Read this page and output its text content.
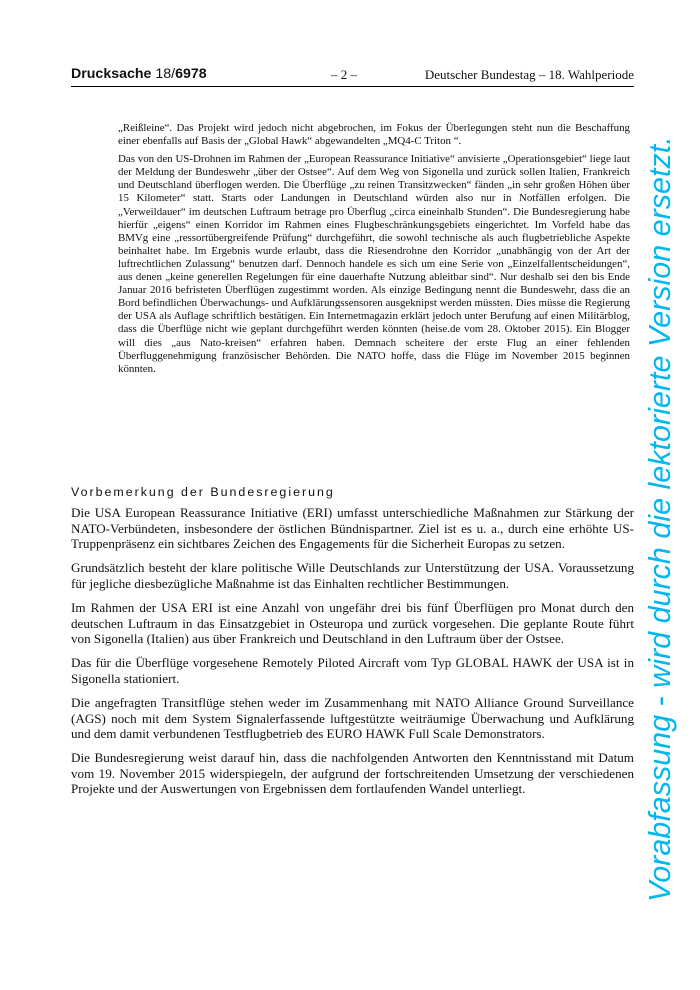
Drucksache 18/6978	– 2 –	Deutscher Bundestag – 18. Wahlperiode

„Reißleine“. Das Projekt wird jedoch nicht abgebrochen, im Fokus der Überlegungen steht nun die Beschaffung einer ebenfalls auf Basis der „Global Hawk“ abgewandelten „MQ4-C Triton “.

Das von den US-Drohnen im Rahmen der „European Reassurance Initiative“ anvisierte „Operationsgebiet“ liege laut der Meldung der Bundeswehr „über der Ostsee“. Auf dem Weg von Sigonella und zurück sollen Italien, Frankreich und Deutschland überflogen werden. Die Überflüge „zu reinen Transitzwecken“ fänden „in sehr großen Höhen über 15 Kilometer“ statt. Starts oder Landungen in Deutschland würden also nur in Notfällen erfolgen. Die „Verweildauer“ im deutschen Luftraum betrage pro Überflug „circa eineinhalb Stunden“. Die Bundesregierung habe hierfür „eigens“ einen Korridor im Rahmen eines Flugbeschränkungsgebiets eingerichtet. Im Vorfeld habe das BMVg eine „ressortübergreifende Prüfung“ durchgeführt, die sowohl technische als auch flugbetriebliche Aspekte beinhaltet habe. Im Ergebnis wurde erlaubt, dass die Riesendrohne den Korridor „unabhängig von der Art der luftrechtlichen Zulassung“ benutzen darf. Dennoch handele es sich um eine Serie von „Einzelfallentscheidungen“, aus denen „keine generellen Regelungen für eine dauerhafte Nutzung ableitbar sind“. Nur deshalb sei den bis Ende Januar 2016 befristeten Überflügen zugestimmt worden. Als einzige Bedingung nennt die Bundeswehr, dass die an Bord befindlichen Überwachungs- und Aufklärungssensoren ausgeknipst werden müssten. Dies müsse die Regierung der USA als Auflage schriftlich bestätigen. Ein Internetmagazin erklärt jedoch unter Berufung auf einen Militärblog, dass die Überflüge nicht wie geplant durchgeführt werden könnten (heise.de vom 28. Oktober 2015). Ein Blogger will dies „aus Nato-kreisen“ erfahren haben. Demnach scheitere der erste Flug an einer fehlenden Überfluggenehmigung französischer Behörden. Die NATO hoffe, dass die Flüge im November 2015 beginnen könnten.

Vorbemerkung der Bundesregierung

Die USA European Reassurance Initiative (ERI) umfasst unterschiedliche Maßnahmen zur Stärkung der NATO-Verbündeten, insbesondere der östlichen Bündnispartner. Ziel ist es u. a., durch eine erhöhte US-Truppenpräsenz ein sichtbares Zeichen des Engagements für die Sicherheit Europas zu setzen.

Grundsätzlich besteht der klare politische Wille Deutschlands zur Unterstützung der USA. Voraussetzung für jegliche diesbezügliche Maßnahme ist das Einhalten rechtlicher Bestimmungen.

Im Rahmen der USA ERI ist eine Anzahl von ungefähr drei bis fünf Überflügen pro Monat durch den deutschen Luftraum in das Einsatzgebiet in Osteuropa und zurück vorgesehen. Die geplante Route führt von Sigonella (Italien) aus über Frankreich und Deutschland in den Luftraum über der Ostsee.

Das für die Überflüge vorgesehene Remotely Piloted Aircraft vom Typ GLOBAL HAWK der USA ist in Sigonella stationiert.

Die angefragten Transitflüge stehen weder im Zusammenhang mit NATO Alliance Ground Surveillance (AGS) noch mit dem System Signalerfassende luftgestützte weiträumige Überwachung und Aufklärung und dem damit verbundenen Testflugbetrieb des EURO HAWK Full Scale Demonstrators.

Die Bundesregierung weist darauf hin, dass die nachfolgenden Antworten den Kenntnisstand mit Datum vom 19. November 2015 widerspiegeln, der aufgrund der fortschreitenden Umsetzung der verschiedenen Projekte und der Auswertungen von Ergebnissen dem fortlaufenden Wandel unterliegt.	Vorabfassung - wird durch die lektorierte Version ersetzt.
